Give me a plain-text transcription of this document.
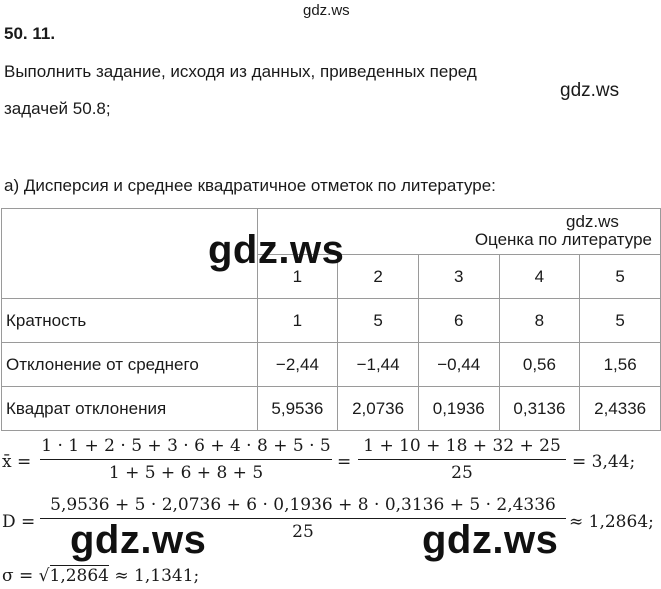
gdz.ws
gdz.ws
50. 11.
Выполнить задание, исходя из данных, приведенных перед
задачей 50.8;
а) Дисперсия и среднее квадратичное отметок по литературе:
	Оценка по литературе				
	1	2	3	4	5
Кратность	1	5	6	8	5
Отклонение от среднего	−2,44	−1,44	−0,44	0,56	1,56
Квадрат отклонения	5,9536	2,0736	0,1936	0,3136	2,4336
gdz.ws
gdz.ws
x̄ =
1 · 1 + 2 · 5 + 3 · 6 + 4 · 8 + 5 · 5
1 + 5 + 6 + 8 + 5
=
1 + 10 + 18 + 32 + 25
25
= 3,44;
D =
5,9536 + 5 · 2,0736 + 6 · 0,1936 + 8 · 0,3136 + 5 · 2,4336
25	≈ 1,2864;
σ = √1,2864 ≈ 1,1341;
gdz.ws	gdz.ws
